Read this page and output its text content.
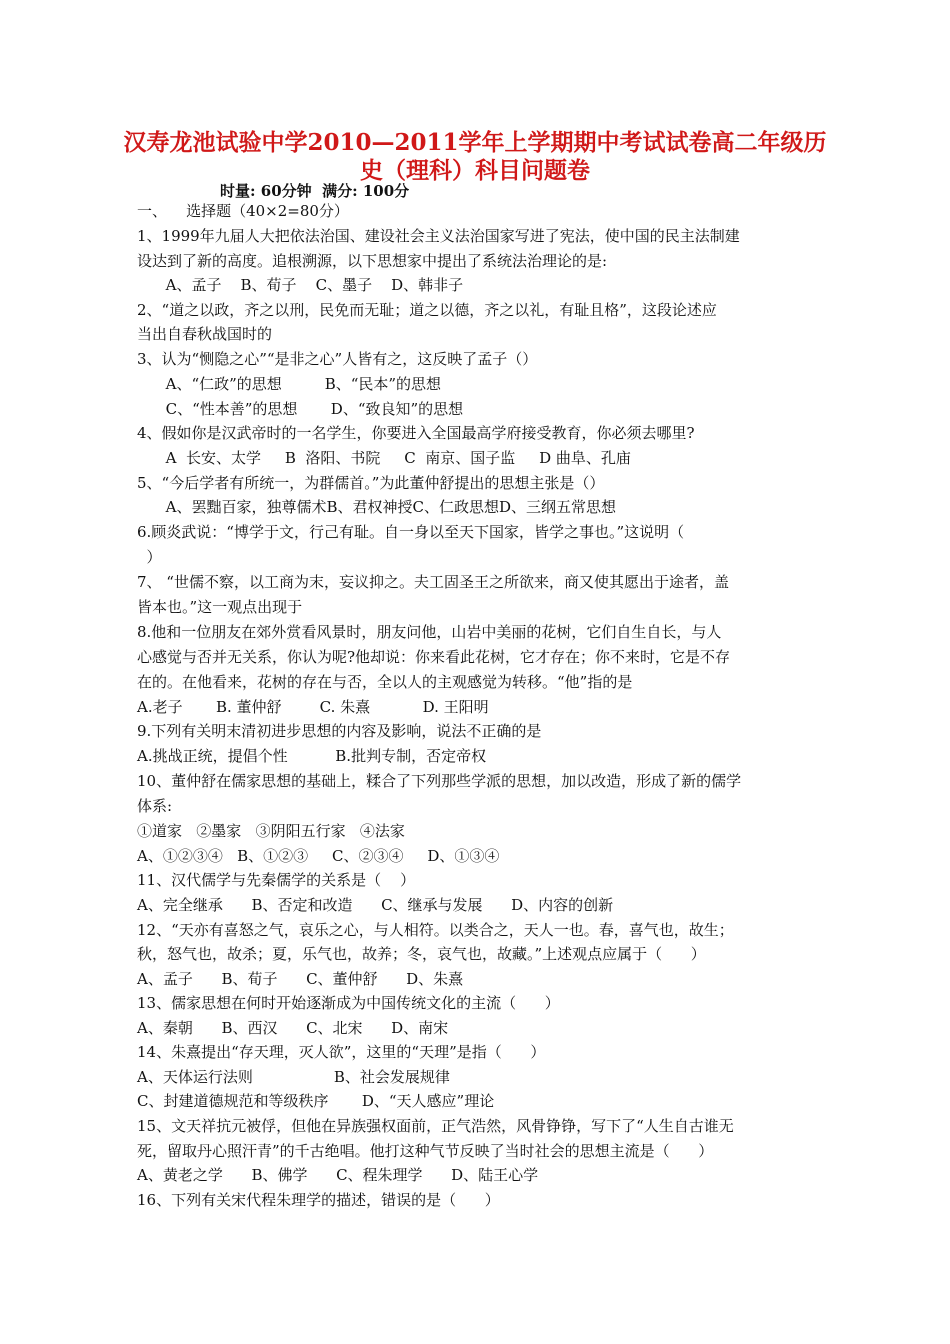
汉寿龙池试验中学2010—2011学年上学期期中考试试卷高二年级历
史（理科）科目问题卷
时量: 60分钟  满分: 100分
一、    选择题（40×2=80分）
1、1999年九届人大把依法治国、建设社会主义法治国家写进了宪法，使中国的民主法制建
设达到了新的高度。追根溯源，以下思想家中提出了系统法治理论的是:
A、孟子    B、荀子    C、墨子    D、韩非子
2、“道之以政，齐之以刑，民免而无耻；道之以德，齐之以礼，有耻且格”，这段论述应
当出自春秋战国时的
3、认为“恻隐之心”“是非之心”人皆有之，这反映了孟子（）
A、“仁政”的思想         B、“民本”的思想
C、“性本善”的思想       D、“致良知”的思想
4、假如你是汉武帝时的一名学生，你要进入全国最高学府接受教育，你必须去哪里?
A  长安、太学     B  洛阳、书院     C  南京、国子监     D 曲阜、孔庙
5、“今后学者有所统一，为群儒首。”为此董仲舒提出的思想主张是（）
A、罢黜百家，独尊儒术B、君权神授C、仁政思想D、三纲五常思想
6.顾炎武说：“博学于文，行己有耻。自一身以至天下国家，皆学之事也。”这说明（
）
7、 “世儒不察，以工商为末，妄议抑之。夫工固圣王之所欲来，商又使其愿出于途者，盖
皆本也。”这一观点出现于
8.他和一位朋友在郊外赏看风景时，朋友问他，山岩中美丽的花树，它们自生自长，与人
心感觉与否并无关系，你认为呢?他却说：你来看此花树，它才存在；你不来时，它是不存
在的。在他看来，花树的存在与否，全以人的主观感觉为转移。“他”指的是
A.老子       B. 董仲舒        C. 朱熹           D. 王阳明
9.下列有关明末清初进步思想的内容及影响，说法不正确的是
A.挑战正统，提倡个性          B.批判专制，否定帝权
10、董仲舒在儒家思想的基础上，糅合了下列那些学派的思想，加以改造，形成了新的儒学
体系:
①道家   ②墨家   ③阴阳五行家   ④法家
A、①②③④   B、①②③     C、②③④     D、①③④
11、汉代儒学与先秦儒学的关系是（    ）
A、完全继承      B、否定和改造      C、继承与发展      D、内容的创新
12、“天亦有喜怒之气，哀乐之心，与人相符。以类合之，天人一也。春，喜气也，故生；
秋，怒气也，故杀；夏，乐气也，故养；冬，哀气也，故藏。”上述观点应属于（      ）
A、孟子      B、荀子      C、董仲舒      D、朱熹
13、儒家思想在何时开始逐渐成为中国传统文化的主流（      ）
A、秦朝      B、西汉      C、北宋      D、南宋
14、朱熹提出“存天理，灭人欲”，这里的“天理”是指（      ）
A、天体运行法则                 B、社会发展规律
C、封建道德规范和等级秩序       D、“天人感应”理论
15、文天祥抗元被俘，但他在异族强权面前，正气浩然，风骨铮铮，写下了“人生自古谁无
死，留取丹心照汗青”的千古绝唱。他打这种气节反映了当时社会的思想主流是（      ）
A、黄老之学      B、佛学      C、程朱理学      D、陆王心学
16、下列有关宋代程朱理学的描述，错误的是（      ）
